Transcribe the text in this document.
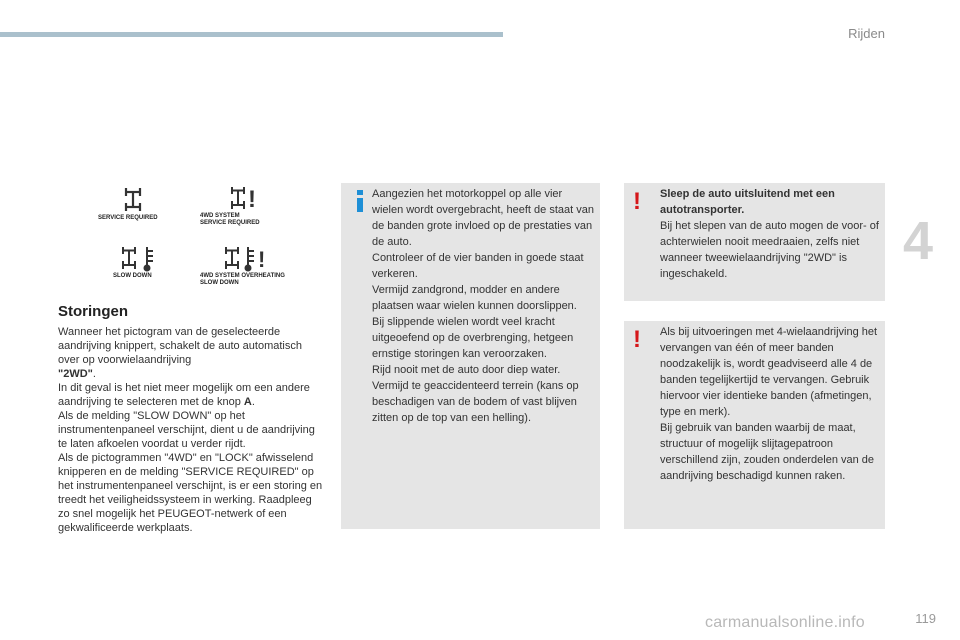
Rijden
4
SERVICE REQUIRED
!
4WD SYSTEM
SERVICE REQUIRED
SLOW DOWN
!
4WD SYSTEM OVERHEATING
SLOW DOWN
Storingen

Wanneer het pictogram van de geselecteerde aandrijving knippert, schakelt de auto automatisch over op voorwielaandrijving
"2WD".

In dit geval is het niet meer mogelijk om een andere aandrijving te selecteren met de knop A.

Als de melding "SLOW DOWN" op het instrumentenpaneel verschijnt, dient u de aandrijving te laten afkoelen voordat u verder rijdt.

Als de pictogrammen "4WD" en "LOCK" afwisselend knipperen en de melding "SERVICE REQUIRED" op het instrumentenpaneel verschijnt, is er een storing en treedt het veiligheidssysteem in werking. Raadpleeg zo snel mogelijk het PEUGEOT-netwerk of een gekwalificeerde werkplaats.

Aangezien het motorkoppel op alle vier wielen wordt overgebracht, heeft de staat van de banden grote invloed op de prestaties van de auto.

Controleer of de vier banden in goede staat verkeren.

Vermijd zandgrond, modder en andere plaatsen waar wielen kunnen doorslippen.

Bij slippende wielen wordt veel kracht uitgeoefend op de overbrenging, hetgeen ernstige storingen kan veroorzaken.

Rijd nooit met de auto door diep water. Vermijd te geaccidenteerd terrein (kans op beschadigen van de bodem of vast blijven zitten op de top van een helling).

! Sleep de auto uitsluitend met een autotransporter.

Bij het slepen van de auto mogen de voor- of achterwielen nooit meedraaien, zelfs niet wanneer tweewielaandrijving "2WD" is ingeschakeld.

! Als bij uitvoeringen met 4-wielaandrijving het vervangen van één of meer banden noodzakelijk is, wordt geadviseerd alle 4 de banden tegelijkertijd te vervangen. Gebruik hiervoor vier identieke banden (afmetingen, type en merk).

Bij gebruik van banden waarbij de maat, structuur of mogelijk slijtagepatroon verschillend zijn, zouden onderdelen van de aandrijving beschadigd kunnen raken.

carmanualsonline.info	119
